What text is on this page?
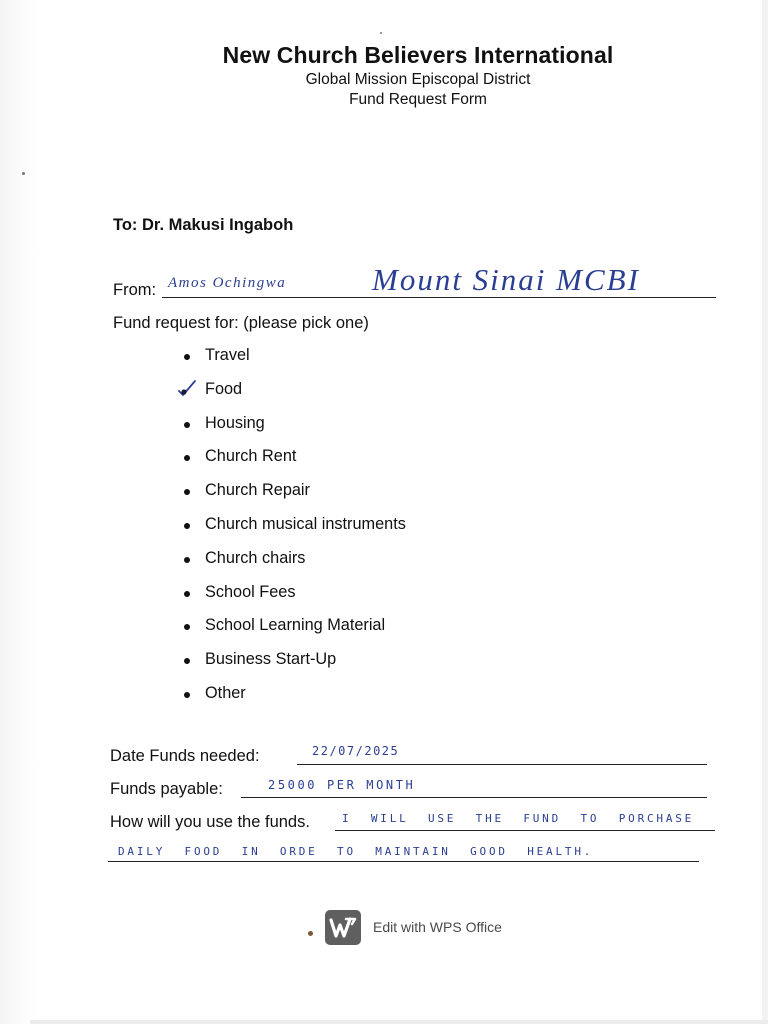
New Church Believers International
Global Mission Episcopal District
Fund Request Form
To: Dr. Makusi Ingaboh
From: Amos Ochingwa	Mount Sinai MCBI
Fund request for: (please pick one)
Travel
Food
Housing
Church Rent
Church Repair
Church musical instruments
Church chairs
School Fees
School Learning Material
Business Start-Up
Other
Date Funds needed:	22/07/2025
Funds payable:	25000 PER MONTH
How will you use the funds.	I WILL USE THE FUND TO PORCHASE
DAILY FOOD IN ORDE TO MAINTAIN GOOD HEALTH.
Edit with WPS Office
